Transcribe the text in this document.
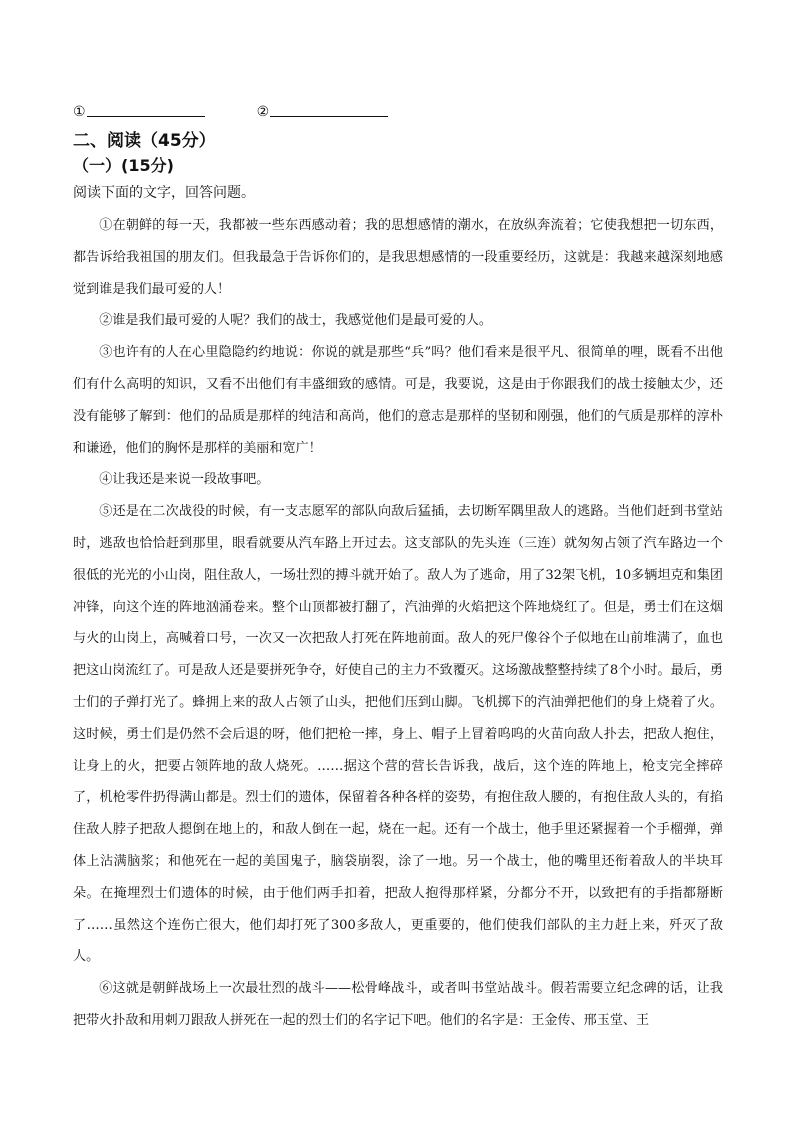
①	②
二、阅读（45分）
（一）(15分)
阅读下面的文字，回答问题。

①在朝鲜的每一天，我都被一些东西感动着；我的思想感情的潮水，在放纵奔流着；它使我想把一切东西，都告诉给我祖国的朋友们。但我最急于告诉你们的，是我思想感情的一段重要经历，这就是：我越来越深刻地感觉到谁是我们最可爱的人！

②谁是我们最可爱的人呢？我们的战士，我感觉他们是最可爱的人。

③也许有的人在心里隐隐约约地说：你说的就是那些“兵”吗？他们看来是很平凡、很简单的哩，既看不出他们有什么高明的知识，又看不出他们有丰盛细致的感情。可是，我要说，这是由于你跟我们的战士接触太少，还没有能够了解到：他们的品质是那样的纯洁和高尚，他们的意志是那样的坚韧和刚强，他们的气质是那样的淳朴和谦逊，他们的胸怀是那样的美丽和宽广！

④让我还是来说一段故事吧。

⑤还是在二次战役的时候，有一支志愿军的部队向敌后猛插，去切断军隅里敌人的逃路。当他们赶到书堂站时，逃敌也恰恰赶到那里，眼看就要从汽车路上开过去。这支部队的先头连（三连）就匆匆占领了汽车路边一个很低的光光的小山岗，阻住敌人，一场壮烈的搏斗就开始了。敌人为了逃命，用了32架飞机，10多辆坦克和集团冲锋，向这个连的阵地汹涌卷来。整个山顶都被打翻了，汽油弹的火焰把这个阵地烧红了。但是，勇士们在这烟与火的山岗上，高喊着口号，一次又一次把敌人打死在阵地前面。敌人的死尸像谷个子似地在山前堆满了，血也把这山岗流红了。可是敌人还是要拼死争夺，好使自己的主力不致覆灭。这场激战整整持续了8个小时。最后，勇士们的子弹打光了。蜂拥上来的敌人占领了山头，把他们压到山脚。飞机掷下的汽油弹把他们的身上烧着了火。这时候，勇士们是仍然不会后退的呀，他们把枪一摔，身上、帽子上冒着呜呜的火苗向敌人扑去，把敌人抱住，让身上的火，把要占领阵地的敌人烧死。……据这个营的营长告诉我，战后，这个连的阵地上，枪支完全摔碎了，机枪零件扔得满山都是。烈士们的遗体，保留着各种各样的姿势，有抱住敌人腰的，有抱住敌人头的，有掐住敌人脖子把敌人摁倒在地上的，和敌人倒在一起，烧在一起。还有一个战士，他手里还紧握着一个手榴弹，弹体上沾满脑浆；和他死在一起的美国鬼子，脑袋崩裂，涂了一地。另一个战士，他的嘴里还衔着敌人的半块耳朵。在掩埋烈士们遗体的时候，由于他们两手扣着，把敌人抱得那样紧，分都分不开，以致把有的手指都掰断了……虽然这个连伤亡很大，他们却打死了300多敌人，更重要的，他们使我们部队的主力赶上来，歼灭了敌人。

⑥这就是朝鲜战场上一次最壮烈的战斗——松骨峰战斗，或者叫书堂站战斗。假若需要立纪念碑的话，让我把带火扑敌和用刺刀跟敌人拼死在一起的烈士们的名字记下吧。他们的名字是：王金传、邢玉堂、王
